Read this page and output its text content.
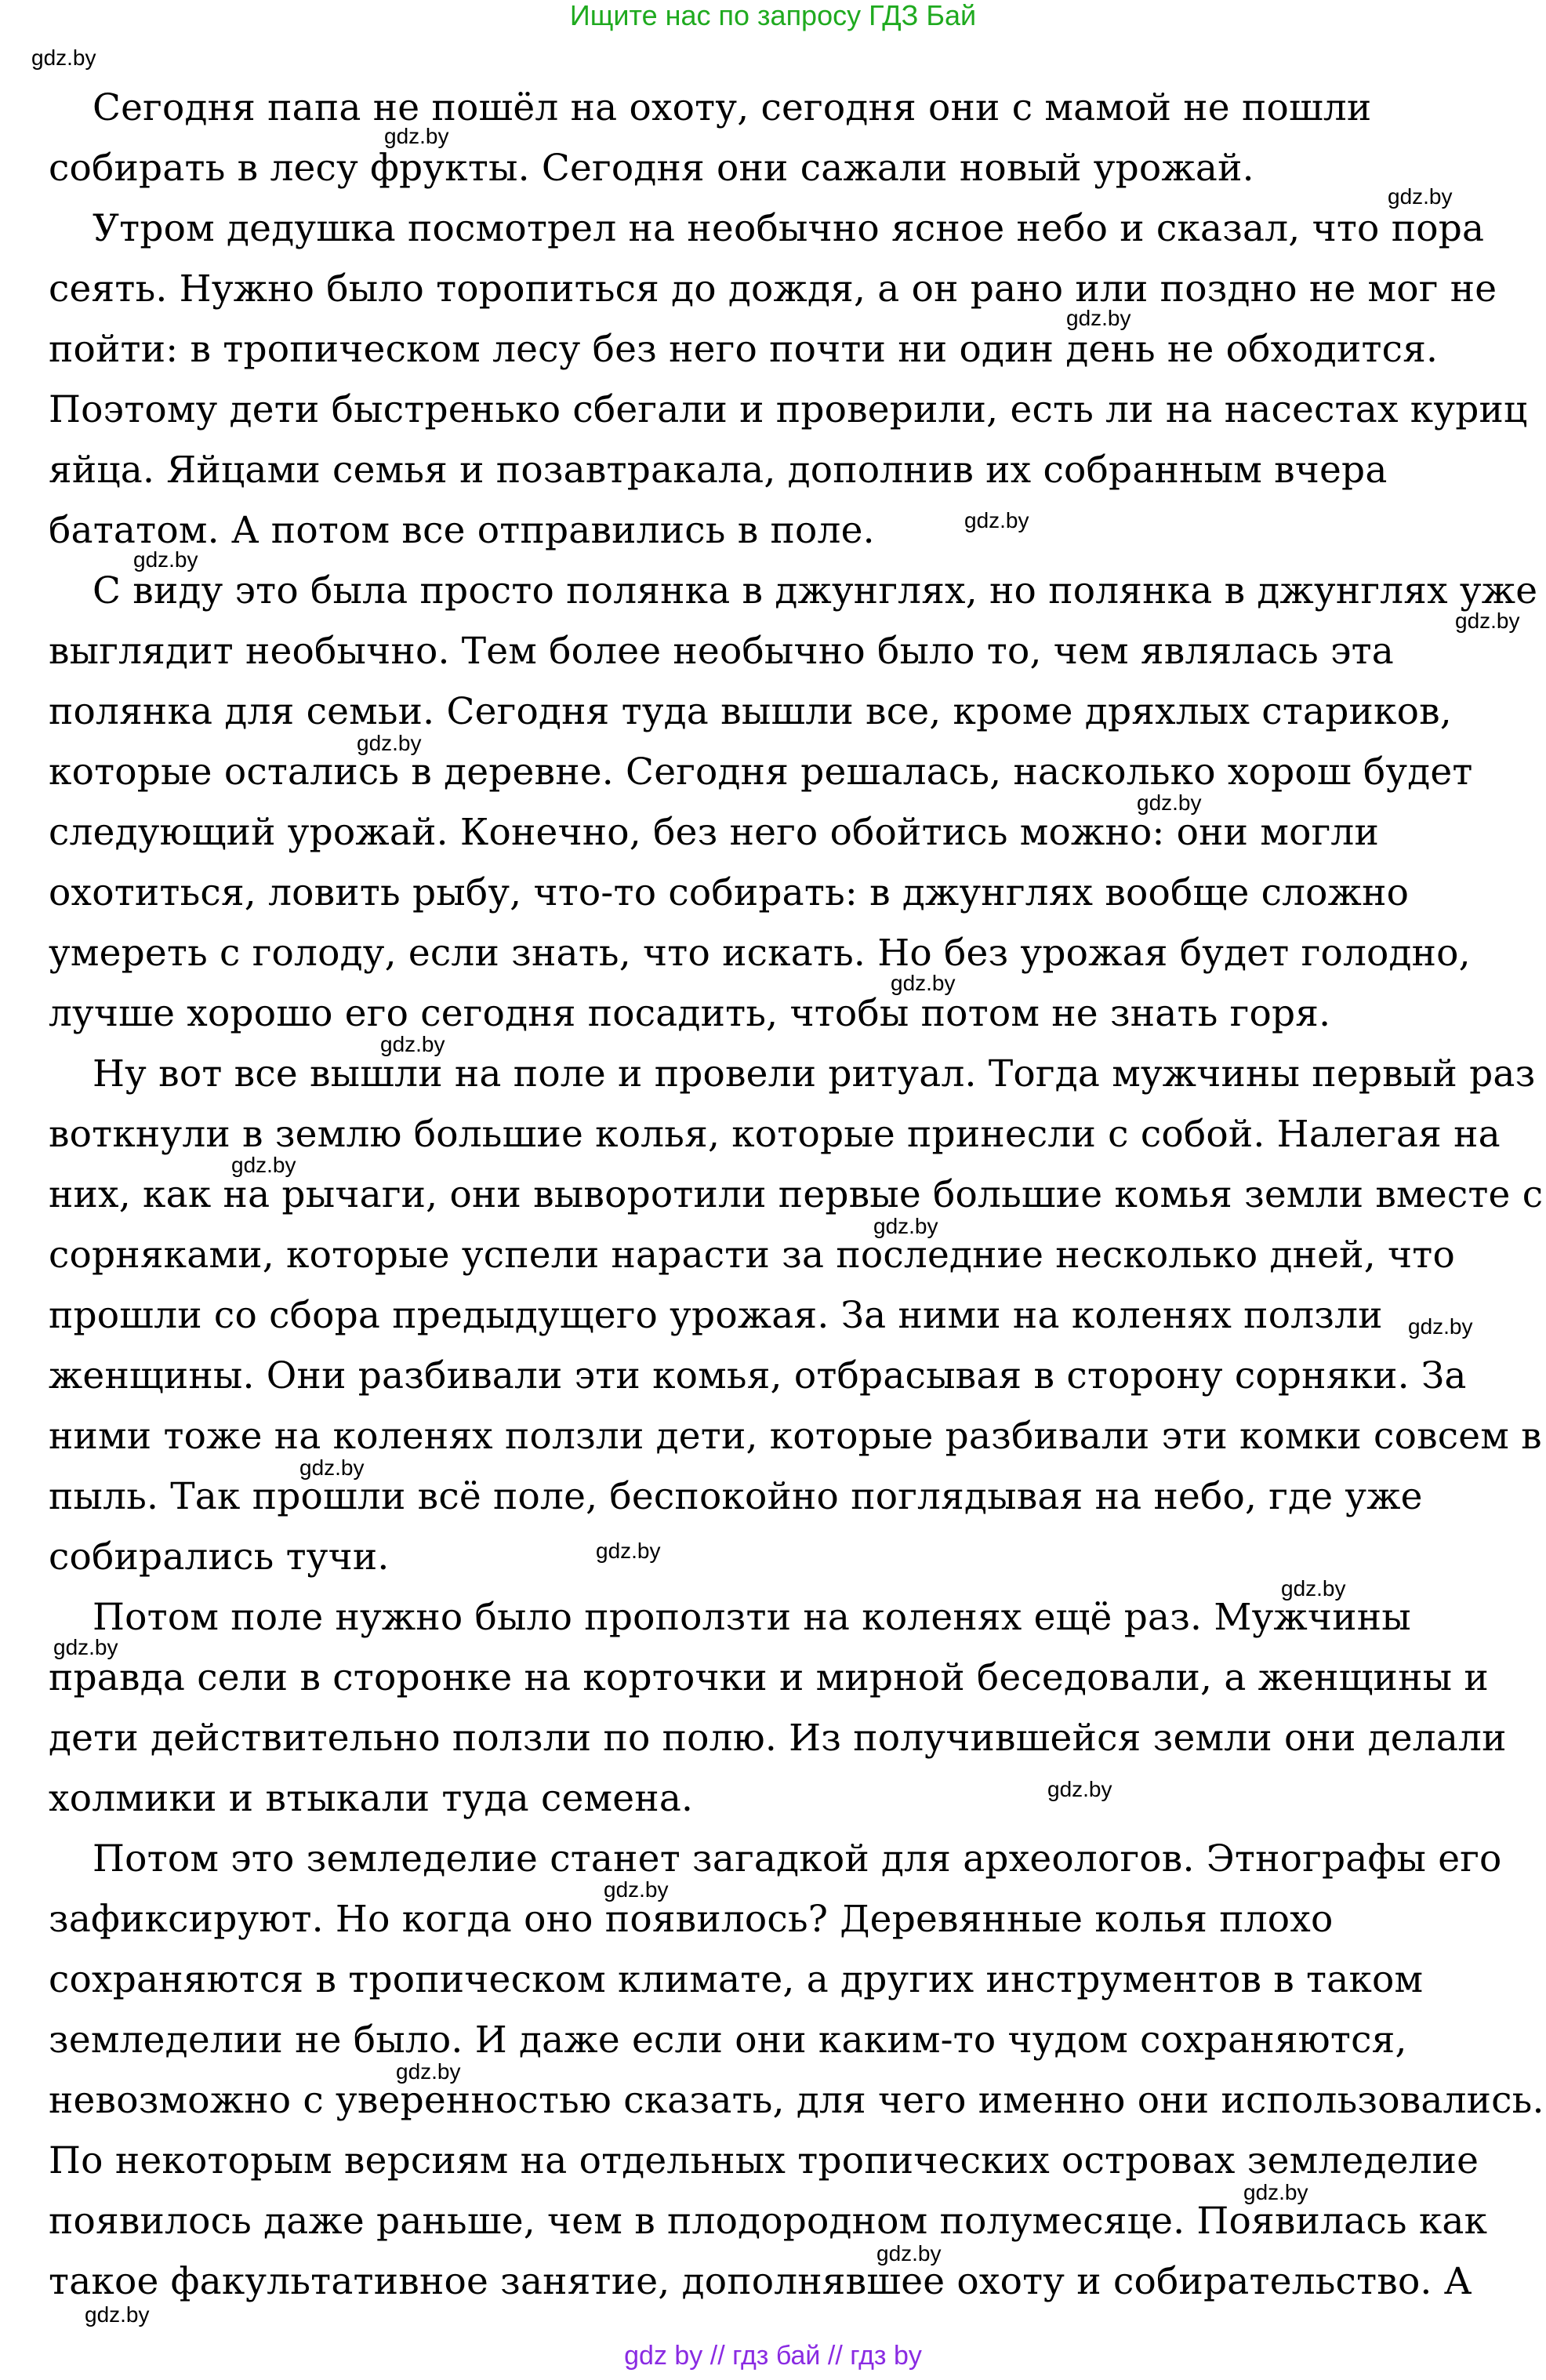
Ищите нас по запросу ГДЗ Бай
Сегодня папа не пошёл на охоту, сегодня они с мамой не пошли
собирать в лесу фрукты. Сегодня они сажали новый урожай.
Утром дедушка посмотрел на необычно ясное небо и сказал, что пора
сеять. Нужно было торопиться до дождя, а он рано или поздно не мог не
пойти: в тропическом лесу без него почти ни один день не обходится.
Поэтому дети быстренько сбегали и проверили, есть ли на насестах куриц
яйца. Яйцами семья и позавтракала, дополнив их собранным вчера
бататом. А потом все отправились в поле.
С виду это была просто полянка в джунглях, но полянка в джунглях уже
выглядит необычно. Тем более необычно было то, чем являлась эта
полянка для семьи. Сегодня туда вышли все, кроме дряхлых стариков,
которые остались в деревне. Сегодня решалась, насколько хорош будет
следующий урожай. Конечно, без него обойтись можно: они могли
охотиться, ловить рыбу, что-то собирать: в джунглях вообще сложно
умереть с голоду, если знать, что искать. Но без урожая будет голодно,
лучше хорошо его сегодня посадить, чтобы потом не знать горя.
Ну вот все вышли на поле и провели ритуал. Тогда мужчины первый раз
воткнули в землю большие колья, которые принесли с собой. Налегая на
них, как на рычаги, они выворотили первые большие комья земли вместе с
сорняками, которые успели нарасти за последние несколько дней, что
прошли со сбора предыдущего урожая. За ними на коленях ползли
женщины. Они разбивали эти комья, отбрасывая в сторону сорняки. За
ними тоже на коленях ползли дети, которые разбивали эти комки совсем в
пыль. Так прошли всё поле, беспокойно поглядывая на небо, где уже
собирались тучи.
Потом поле нужно было проползти на коленях ещё раз. Мужчины
правда сели в сторонке на корточки и мирной беседовали, а женщины и
дети действительно ползли по полю. Из получившейся земли они делали
холмики и втыкали туда семена.
Потом это земледелие станет загадкой для археологов. Этнографы его
зафиксируют. Но когда оно появилось? Деревянные колья плохо
сохраняются в тропическом климате, а других инструментов в таком
земледелии не было. И даже если они каким-то чудом сохраняются,
невозможно с уверенностью сказать, для чего именно они использовались.
По некоторым версиям на отдельных тропических островах земледелие
появилось даже раньше, чем в плодородном полумесяце. Появилась как
такое факультативное занятие, дополнявшее охоту и собирательство. А
gdz.by
gdz.by
gdz.by
gdz.by
gdz.by
gdz.by
gdz.by
gdz.by
gdz.by
gdz.by
gdz.by
gdz.by
gdz.by
gdz.by
gdz.by
gdz.by
gdz.by
gdz.by
gdz.by
gdz.by
gdz.by
gdz.by
gdz.by
gdz.by
gdz by // гдз бай // гдз by
